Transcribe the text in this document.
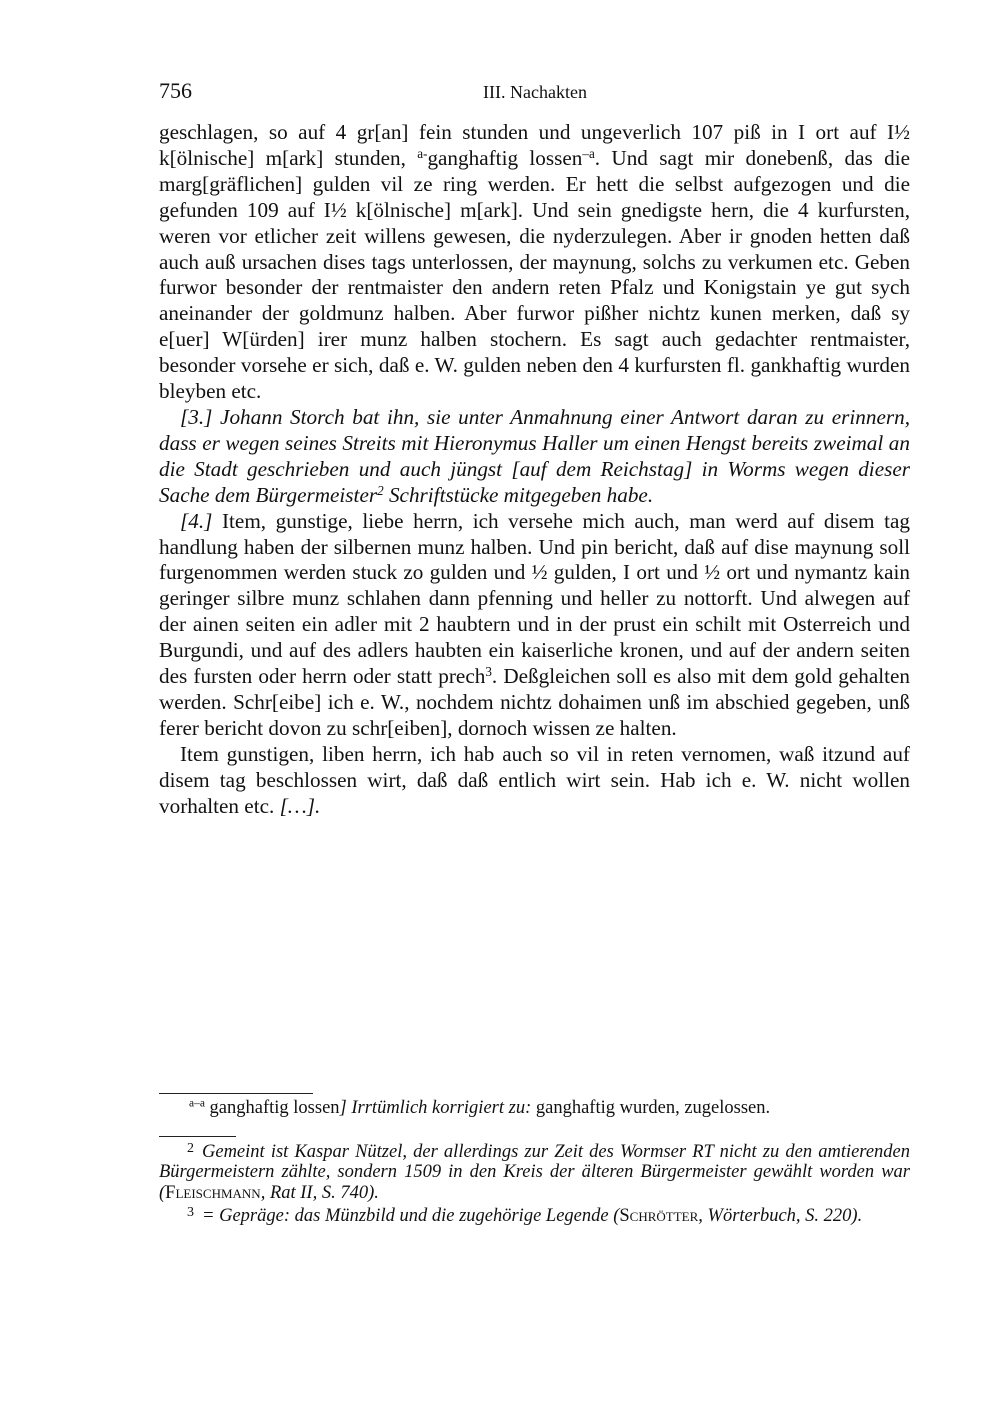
756	III. Nachakten

geschlagen, so auf 4 gr[an] fein stunden und ungeverlich 107 piß in I ort auf I½ k[ölnische] m[ark] stunden, $^{a-}$ganghaftig lossen$^{-a}$. Und sagt mir donebenß, das die marg[gräflichen] gulden vil ze ring werden. Er hett die selbst aufgezogen und die gefunden 109 auf I½ k[ölnische] m[ark]. Und sein gnedigste hern, die 4 kurfursten, weren vor etlicher zeit willens gewesen, die nyderzulegen. Aber ir gnoden hetten daß auch auß ursachen dises tags unterlossen, der maynung, solchs zu verkumen etc. Geben furwor besonder der rentmaister den andern reten Pfalz und Konigstain ye gut sych aneinander der goldmunz halben. Aber furwor pißher nichtz kunen merken, daß sy e[uer] W[ürden] irer munz halben stochern. Es sagt auch gedachter rentmaister, besonder vorsehe er sich, daß e. W. gulden neben den 4 kurfursten fl. gankhaftig wurden bleyben etc.

[3.] Johann Storch bat ihn, sie unter Anmahnung einer Antwort daran zu erinnern, dass er wegen seines Streits mit Hieronymus Haller um einen Hengst bereits zweimal an die Stadt geschrieben und auch jüngst [auf dem Reichstag] in Worms wegen dieser Sache dem Bürgermeister$^2$ Schriftstücke mitgegeben habe.

[4.] Item, gunstige, liebe herrn, ich versehe mich auch, man werd auf disem tag handlung haben der silbernen munz halben. Und pin bericht, daß auf dise maynung soll furgenommen werden stuck zo gulden und ½ gulden, I ort und ½ ort und nymantz kain geringer silbre munz schlahen dann pfenning und heller zu nottorft. Und alwegen auf der ainen seiten ein adler mit 2 haubtern und in der prust ein schilt mit Osterreich und Burgundi, und auf des adlers haubten ein kaiserliche kronen, und auf der andern seiten des fursten oder herrn oder statt prech$^3$. Deßgleichen soll es also mit dem gold gehalten werden. Schr[eibe] ich e. W., nochdem nichtz dohaimen unß im abschied gegeben, unß ferer bericht dovon zu schr[eiben], dornoch wissen ze halten.

Item gunstigen, liben herrn, ich hab auch so vil in reten vernomen, waß itzund auf disem tag beschlossen wirt, daß daß entlich wirt sein. Hab ich e. W. nicht wollen vorhalten etc. […].

$^{a-a}$ ganghaftig lossen] Irrtümlich korrigiert zu: ganghaftig wurden, zugelossen.

$^2$ Gemeint ist Kaspar Nützel, der allerdings zur Zeit des Wormser RT nicht zu den amtierenden Bürgermeistern zählte, sondern 1509 in den Kreis der älteren Bürgermeister gewählt worden war (Fleischmann, Rat II, S. 740).

$^3$ = Gepräge: das Münzbild und die zugehörige Legende (Schrötter, Wörterbuch, S. 220).
